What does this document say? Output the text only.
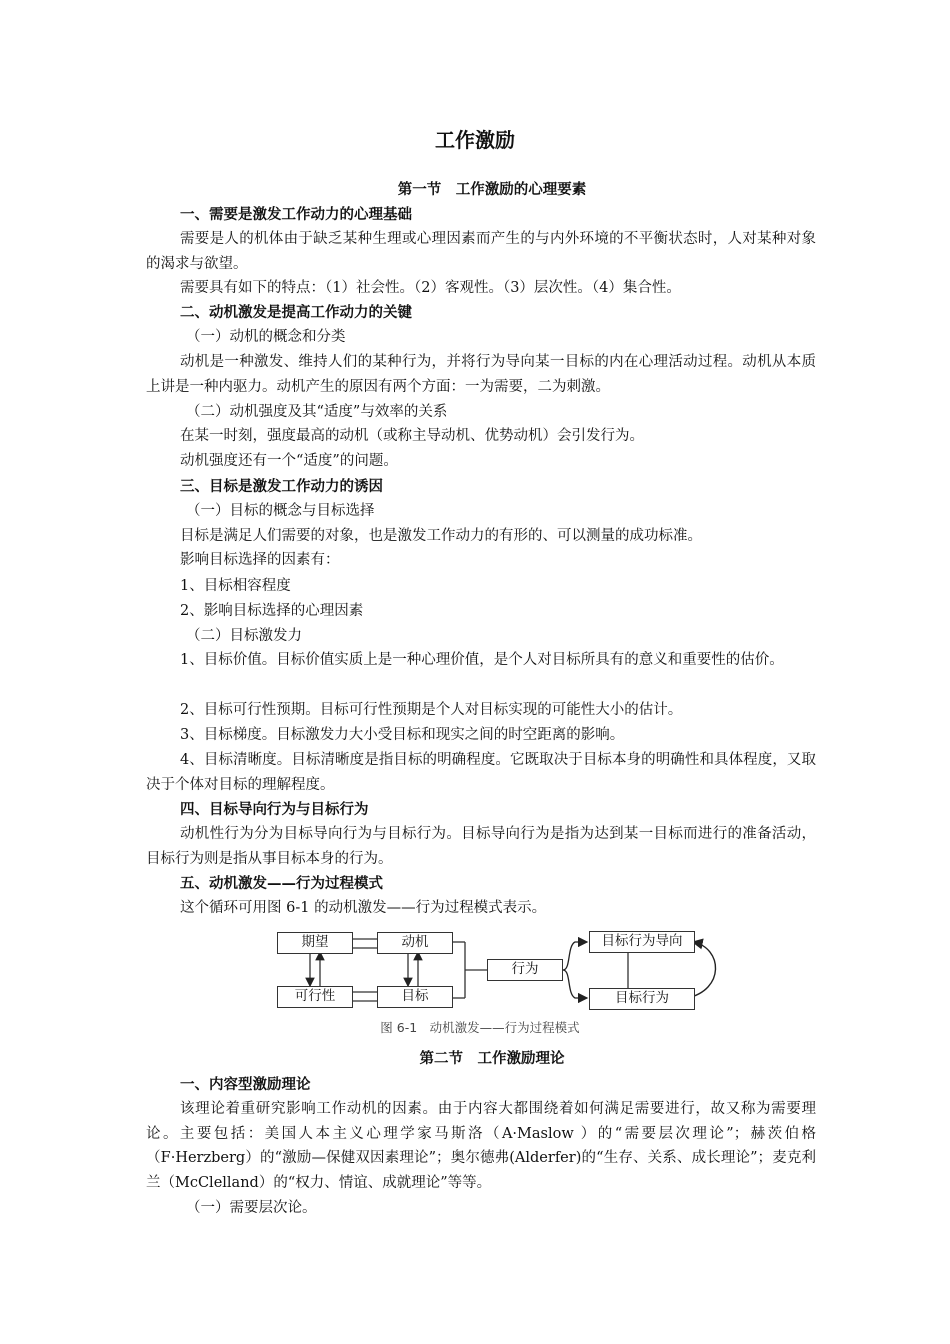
工作激励
第一节　工作激励的心理要素
一、需要是激发工作动力的心理基础
需要是人的机体由于缺乏某种生理或心理因素而产生的与内外环境的不平衡状态时，人对某种对象的渴求与欲望。
需要具有如下的特点：（1）社会性。（2）客观性。（3）层次性。（4）集合性。
二、动机激发是提高工作动力的关键
（一）动机的概念和分类
动机是一种激发、维持人们的某种行为，并将行为导向某一目标的内在心理活动过程。动机从本质上讲是一种内驱力。动机产生的原因有两个方面：一为需要，二为刺激。
（二）动机强度及其“适度”与效率的关系
在某一时刻，强度最高的动机（或称主导动机、优势动机）会引发行为。
动机强度还有一个“适度”的问题。
三、目标是激发工作动力的诱因
（一）目标的概念与目标选择
目标是满足人们需要的对象，也是激发工作动力的有形的、可以测量的成功标准。
影响目标选择的因素有：
1、目标相容程度
2、影响目标选择的心理因素
（二）目标激发力
1、目标价值。目标价值实质上是一种心理价值，是个人对目标所具有的意义和重要性的估价。
2、目标可行性预期。目标可行性预期是个人对目标实现的可能性大小的估计。
3、目标梯度。目标激发力大小受目标和现实之间的时空距离的影响。
4、目标清晰度。目标清晰度是指目标的明确程度。它既取决于目标本身的明确性和具体程度，又取决于个体对目标的理解程度。
四、目标导向行为与目标行为
动机性行为分为目标导向行为与目标行为。目标导向行为是指为达到某一目标而进行的准备活动，目标行为则是指从事目标本身的行为。
五、动机激发——行为过程模式
这个循环可用图 6-1 的动机激发——行为过程模式表示。
期望	动机
可行性	目标
行为
目标行为导向
目标行为
图 6-1　动机激发——行为过程模式
第二节　工作激励理论
一、内容型激励理论
该理论着重研究影响工作动机的因素。由于内容大都围绕着如何满足需要进行，故又称为需要理论。主要包括：美国人本主义心理学家马斯洛（A·Maslow ）的“需要层次理论”；赫茨伯格（F·Herzberg）的“激励—保健双因素理论”；奥尔德弗(Alderfer)的“生存、关系、成长理论”；麦克利兰（McClelland）的“权力、情谊、成就理论”等等。
（一）需要层次论。
